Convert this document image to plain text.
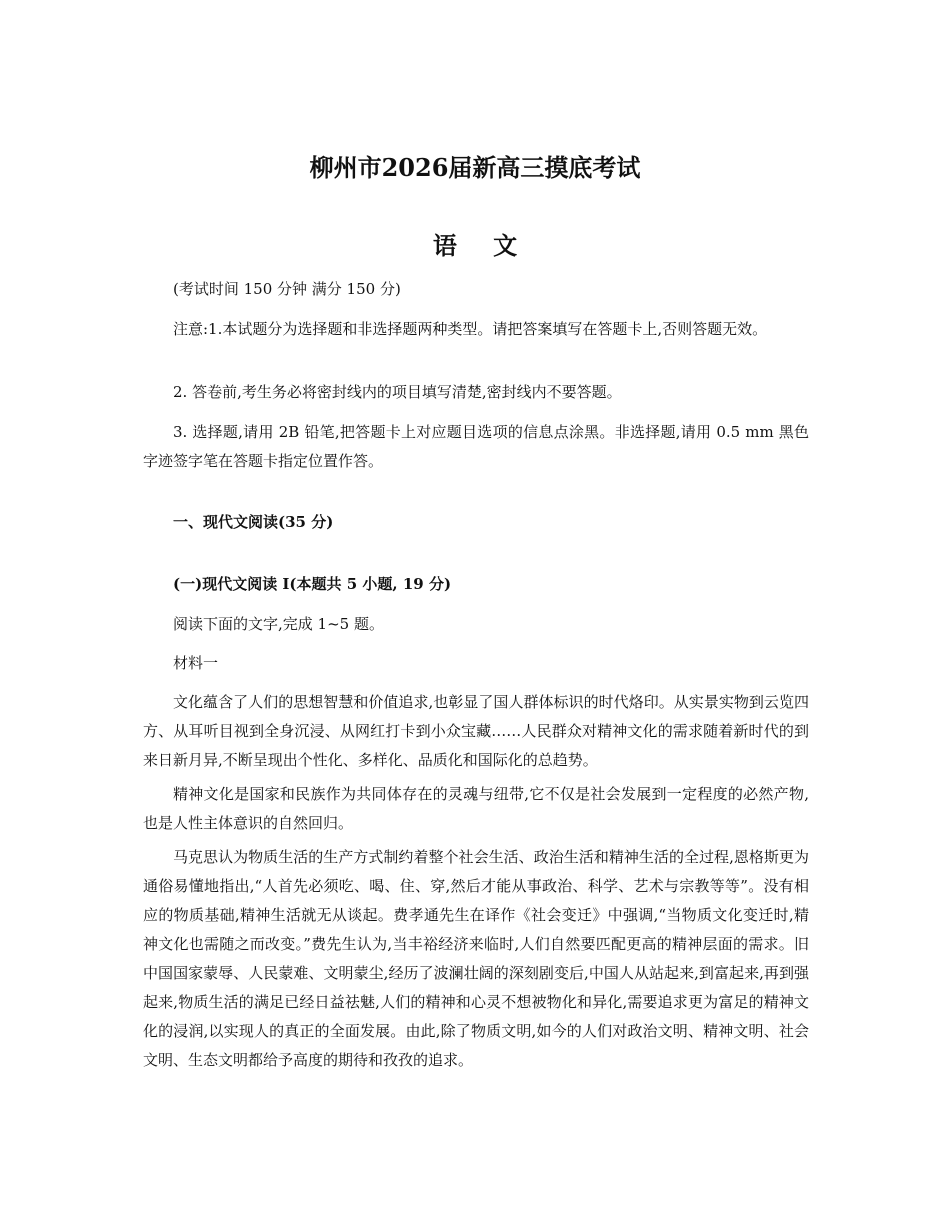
柳州市2026届新高三摸底考试
语 文
(考试时间 150 分钟 满分 150 分)
注意:1.本试题分为选择题和非选择题两种类型。请把答案填写在答题卡上,否则答题无效。
2. 答卷前,考生务必将密封线内的项目填写清楚,密封线内不要答题。
3. 选择题,请用 2B 铅笔,把答题卡上对应题目选项的信息点涂黑。非选择题,请用 0.5 mm 黑色字迹签字笔在答题卡指定位置作答。
一、现代文阅读(35 分)
(一)现代文阅读 I(本题共 5 小题, 19 分)
阅读下面的文字,完成 1~5 题。
材料一
文化蕴含了人们的思想智慧和价值追求,也彰显了国人群体标识的时代烙印。从实景实物到云览四方、从耳听目视到全身沉浸、从网红打卡到小众宝藏……人民群众对精神文化的需求随着新时代的到来日新月异,不断呈现出个性化、多样化、品质化和国际化的总趋势。
精神文化是国家和民族作为共同体存在的灵魂与纽带,它不仅是社会发展到一定程度的必然产物, 也是人性主体意识的自然回归。
马克思认为物质生活的生产方式制约着整个社会生活、政治生活和精神生活的全过程,恩格斯更为通俗易懂地指出,“人首先必须吃、喝、住、穿,然后才能从事政治、科学、艺术与宗教等等”。没有相应的物质基础,精神生活就无从谈起。费孝通先生在译作《社会变迁》中强调,“当物质文化变迁时,精神文化也需随之而改变。”费先生认为,当丰裕经济来临时,人们自然要匹配更高的精神层面的需求。旧中国国家蒙辱、人民蒙难、文明蒙尘,经历了波澜壮阔的深刻剧变后,中国人从站起来,到富起来,再到强起来,物质生活的满足已经日益祛魅,人们的精神和心灵不想被物化和异化,需要追求更为富足的精神文化的浸润,以实现人的真正的全面发展。由此,除了物质文明,如今的人们对政治文明、精神文明、社会文明、生态文明都给予高度的期待和孜孜的追求。
